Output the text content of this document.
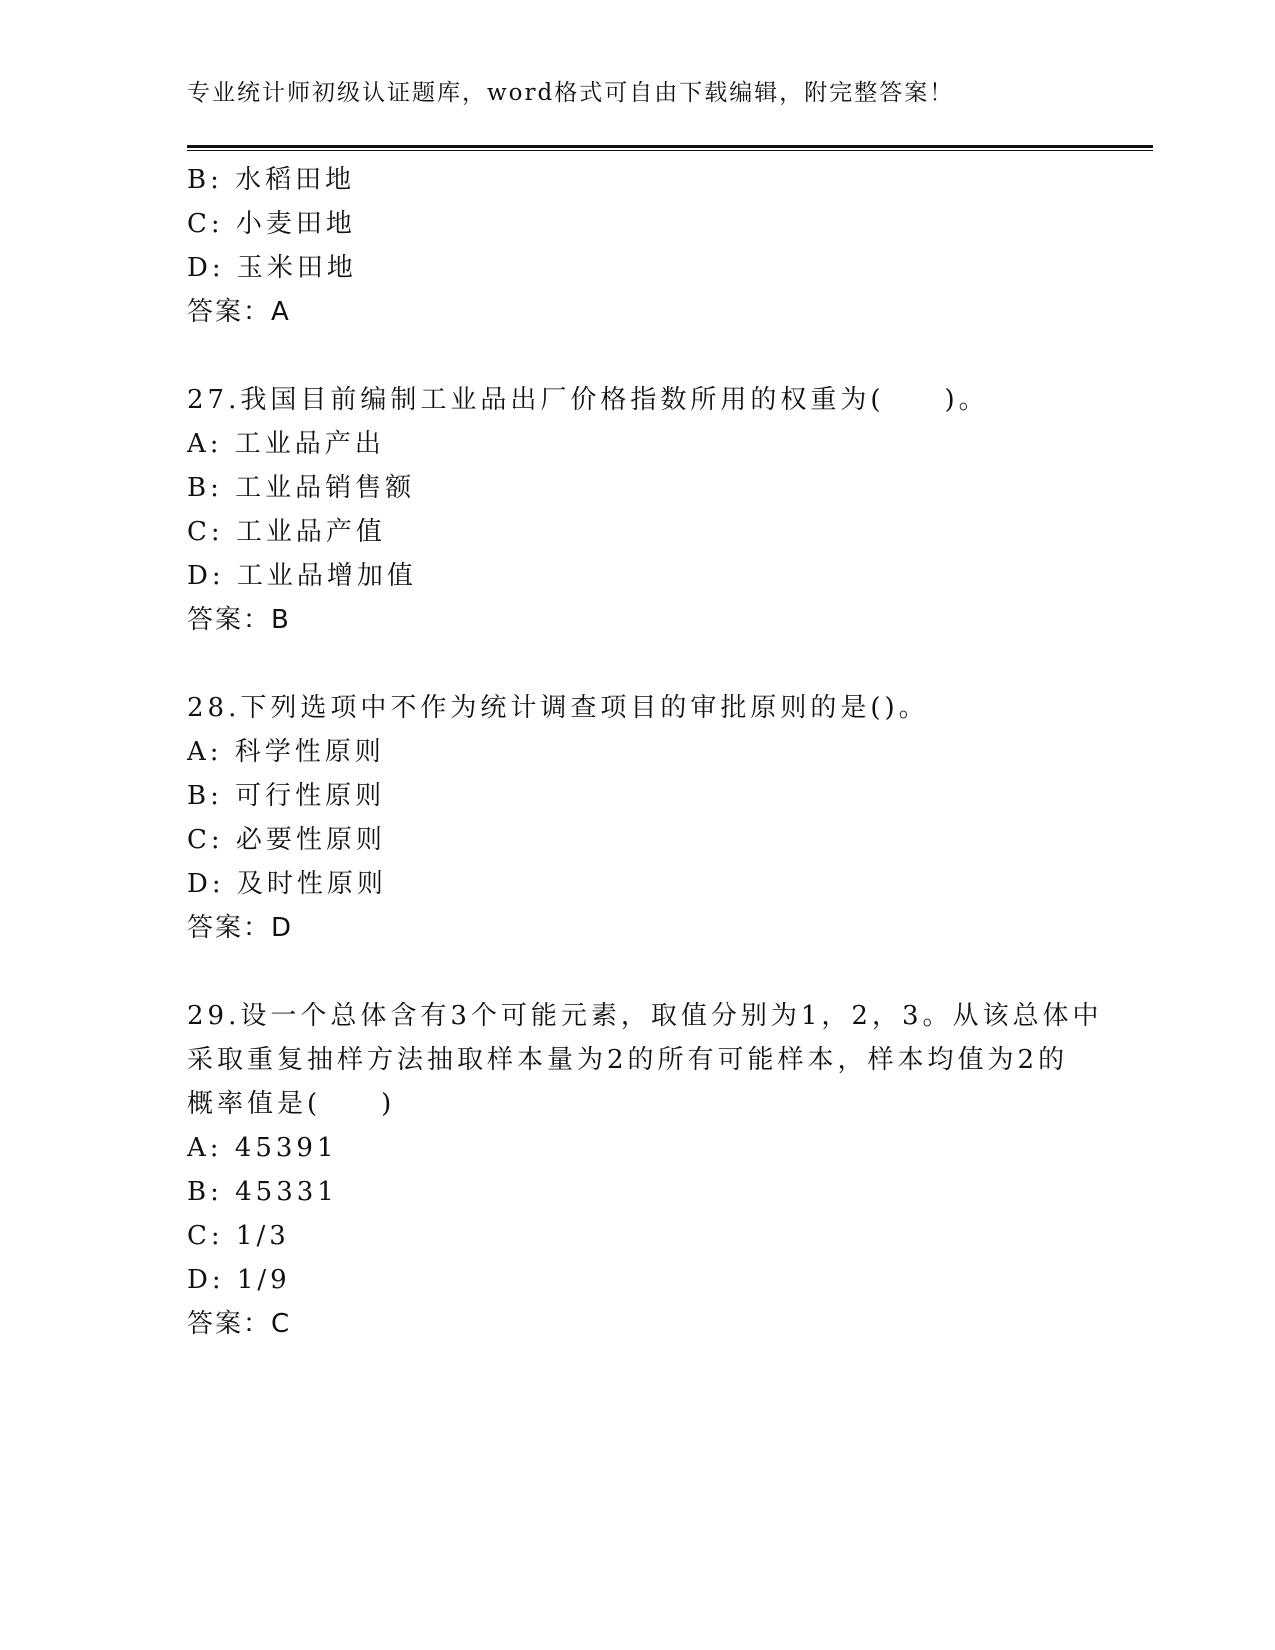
专业统计师初级认证题库，word格式可自由下载编辑，附完整答案！
B: 水稻田地
C: 小麦田地
D: 玉米田地
答案：A
27.我国目前编制工业品出厂价格指数所用的权重为(　　)。
A: 工业品产出
B: 工业品销售额
C: 工业品产值
D: 工业品增加值
答案：B
28.下列选项中不作为统计调查项目的审批原则的是()。
A: 科学性原则
B: 可行性原则
C: 必要性原则
D: 及时性原则
答案：D
29.设一个总体含有3个可能元素，取值分别为1，2，3。从该总体中
采取重复抽样方法抽取样本量为2的所有可能样本，样本均值为2的
概率值是(　　)
A: 45391
B: 45331
C: 1/3
D: 1/9
答案：C
